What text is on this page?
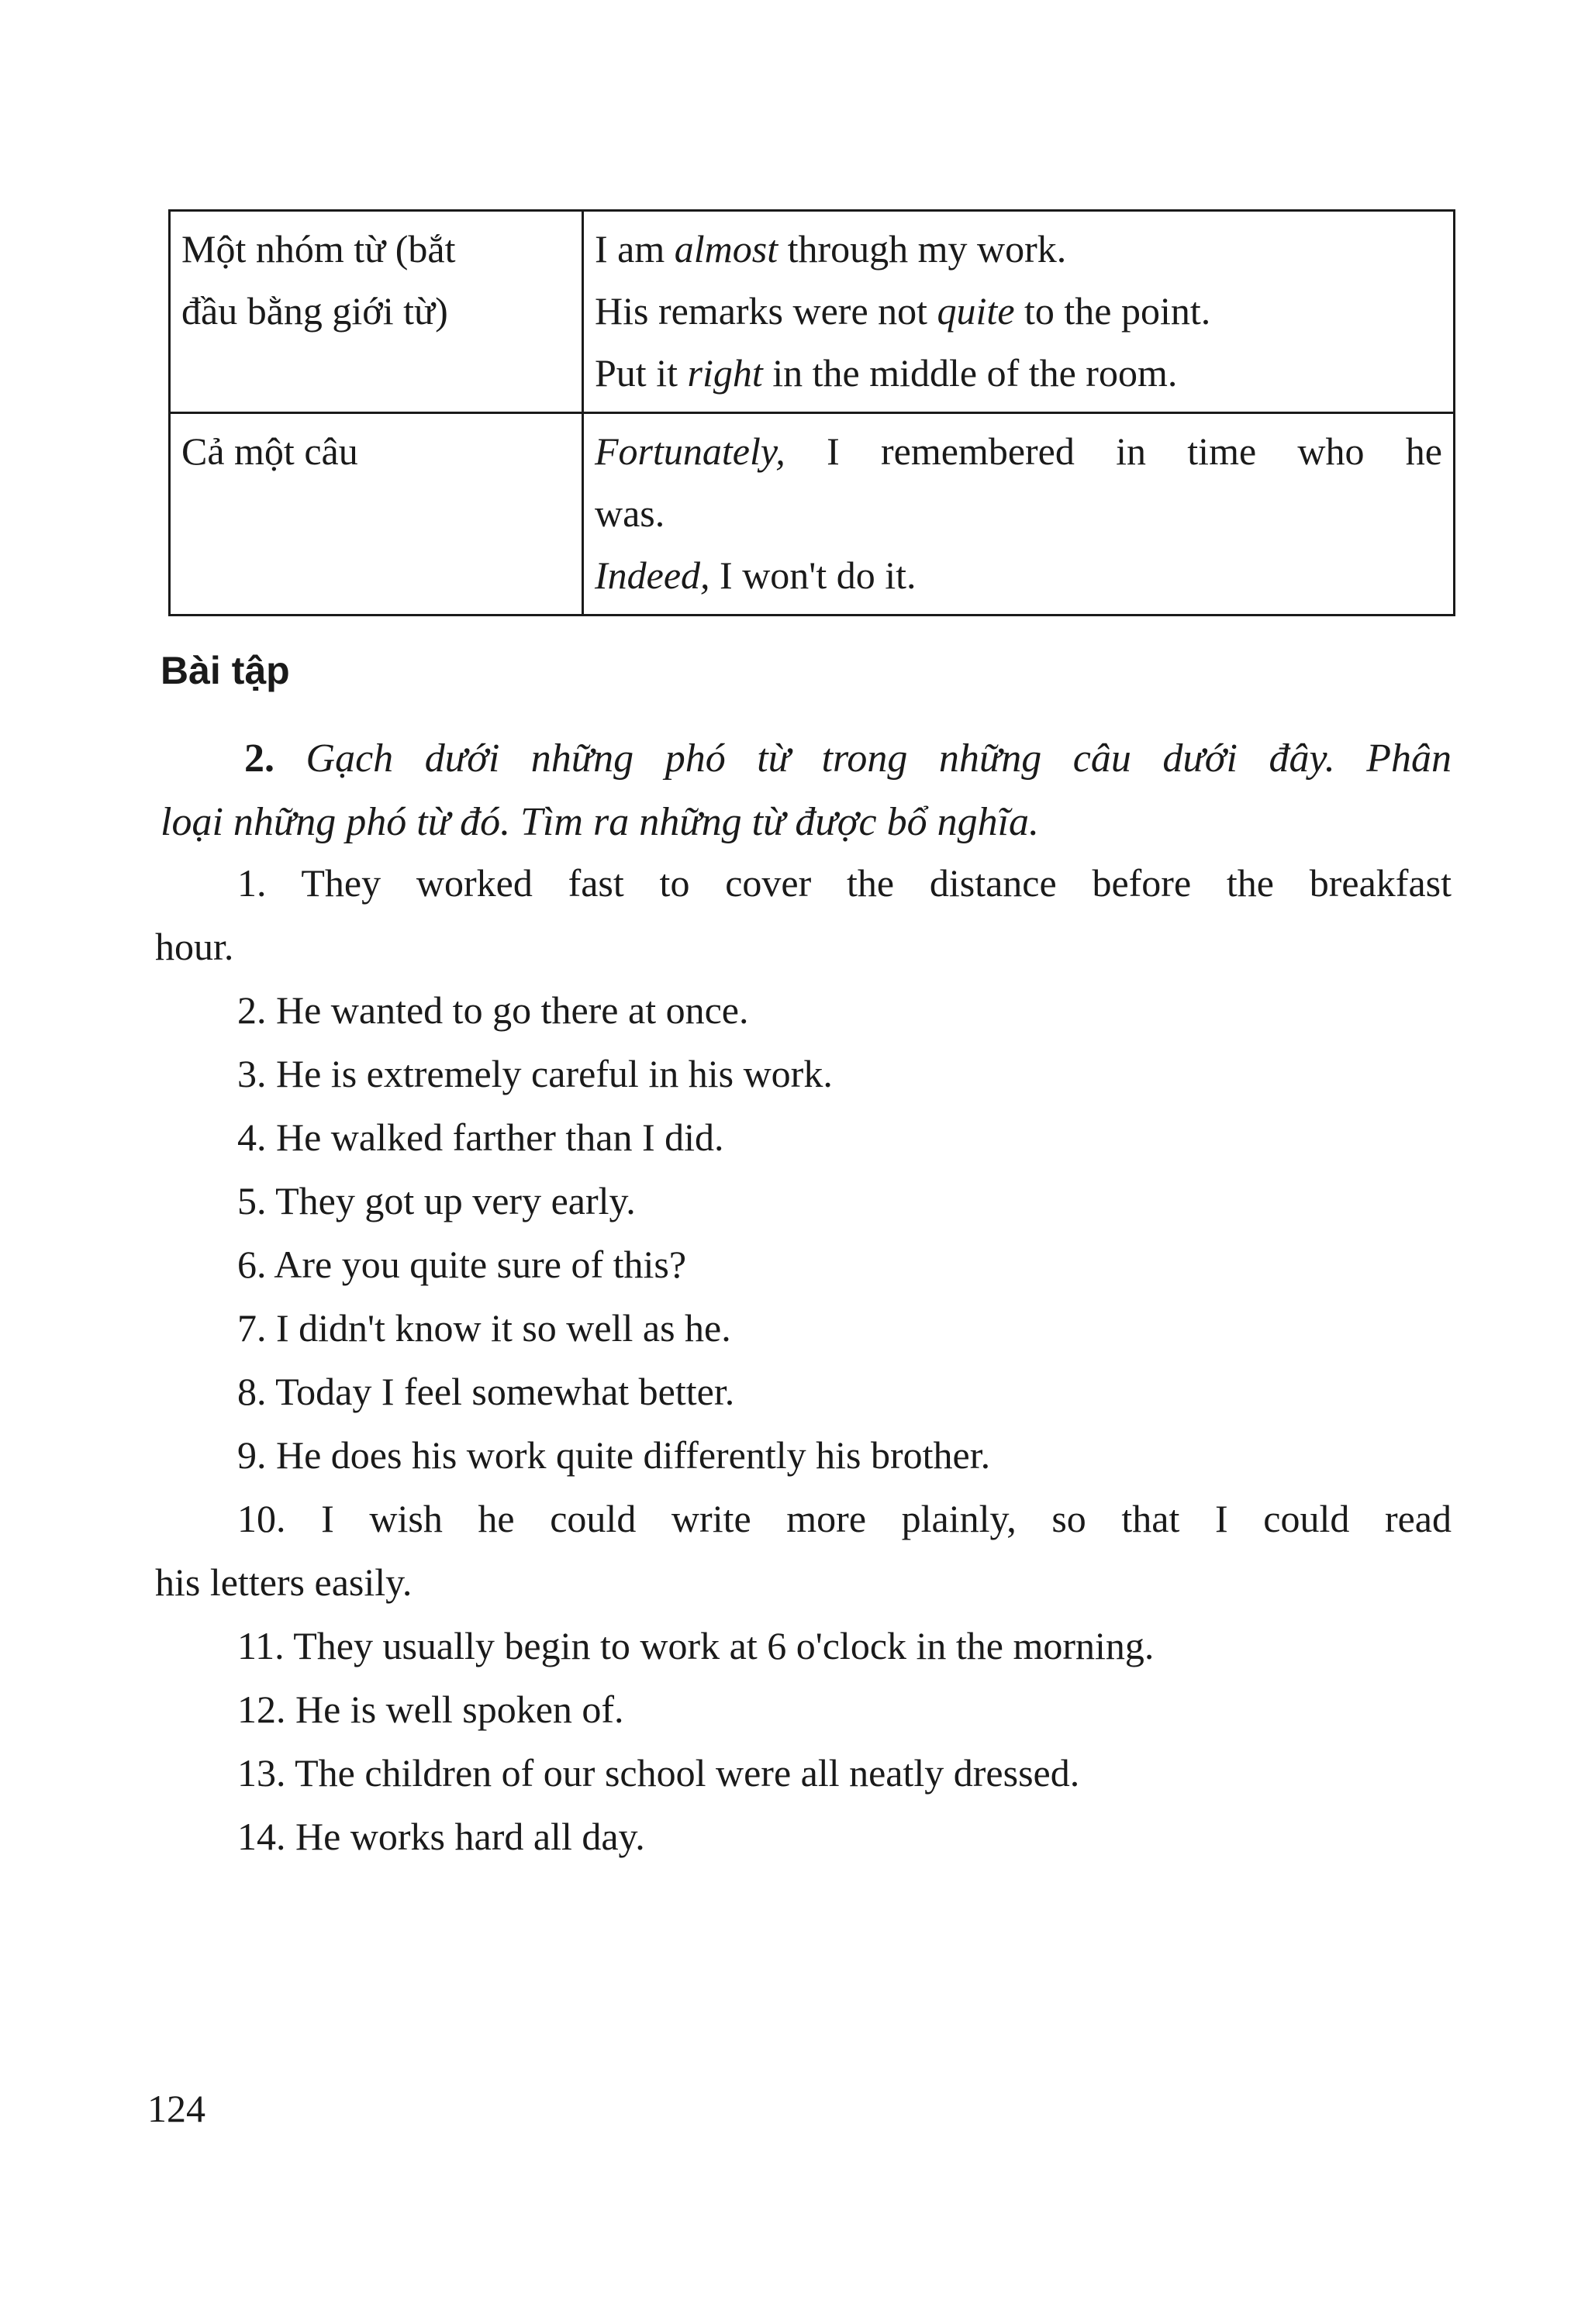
Một nhóm từ (bắt
đầu bằng giới từ)	I am almost through my work.
His remarks were not quite to the point.
Put it right in the middle of the room.

Cả một câu	Fortunately, I remembered in time who he
was.
Indeed, I won't do it.
Bài tập

2. Gạch dưới những phó từ trong những câu dưới đây. Phân
loại những phó từ đó. Tìm ra những từ được bổ nghĩa.

1. They worked fast to cover the distance before the breakfast
hour.
2. He wanted to go there at once.
3. He is extremely careful in his work.
4. He walked farther than I did.
5. They got up very early.
6. Are you quite sure of this?
7. I didn't know it so well as he.
8. Today I feel somewhat better.
9. He does his work quite differently his brother.
10. I wish he could write more plainly, so that I could read
his letters easily.
11. They usually begin to work at 6 o'clock in the morning.
12. He is well spoken of.
13. The children of our school were all neatly dressed.
14. He works hard all day.

124
